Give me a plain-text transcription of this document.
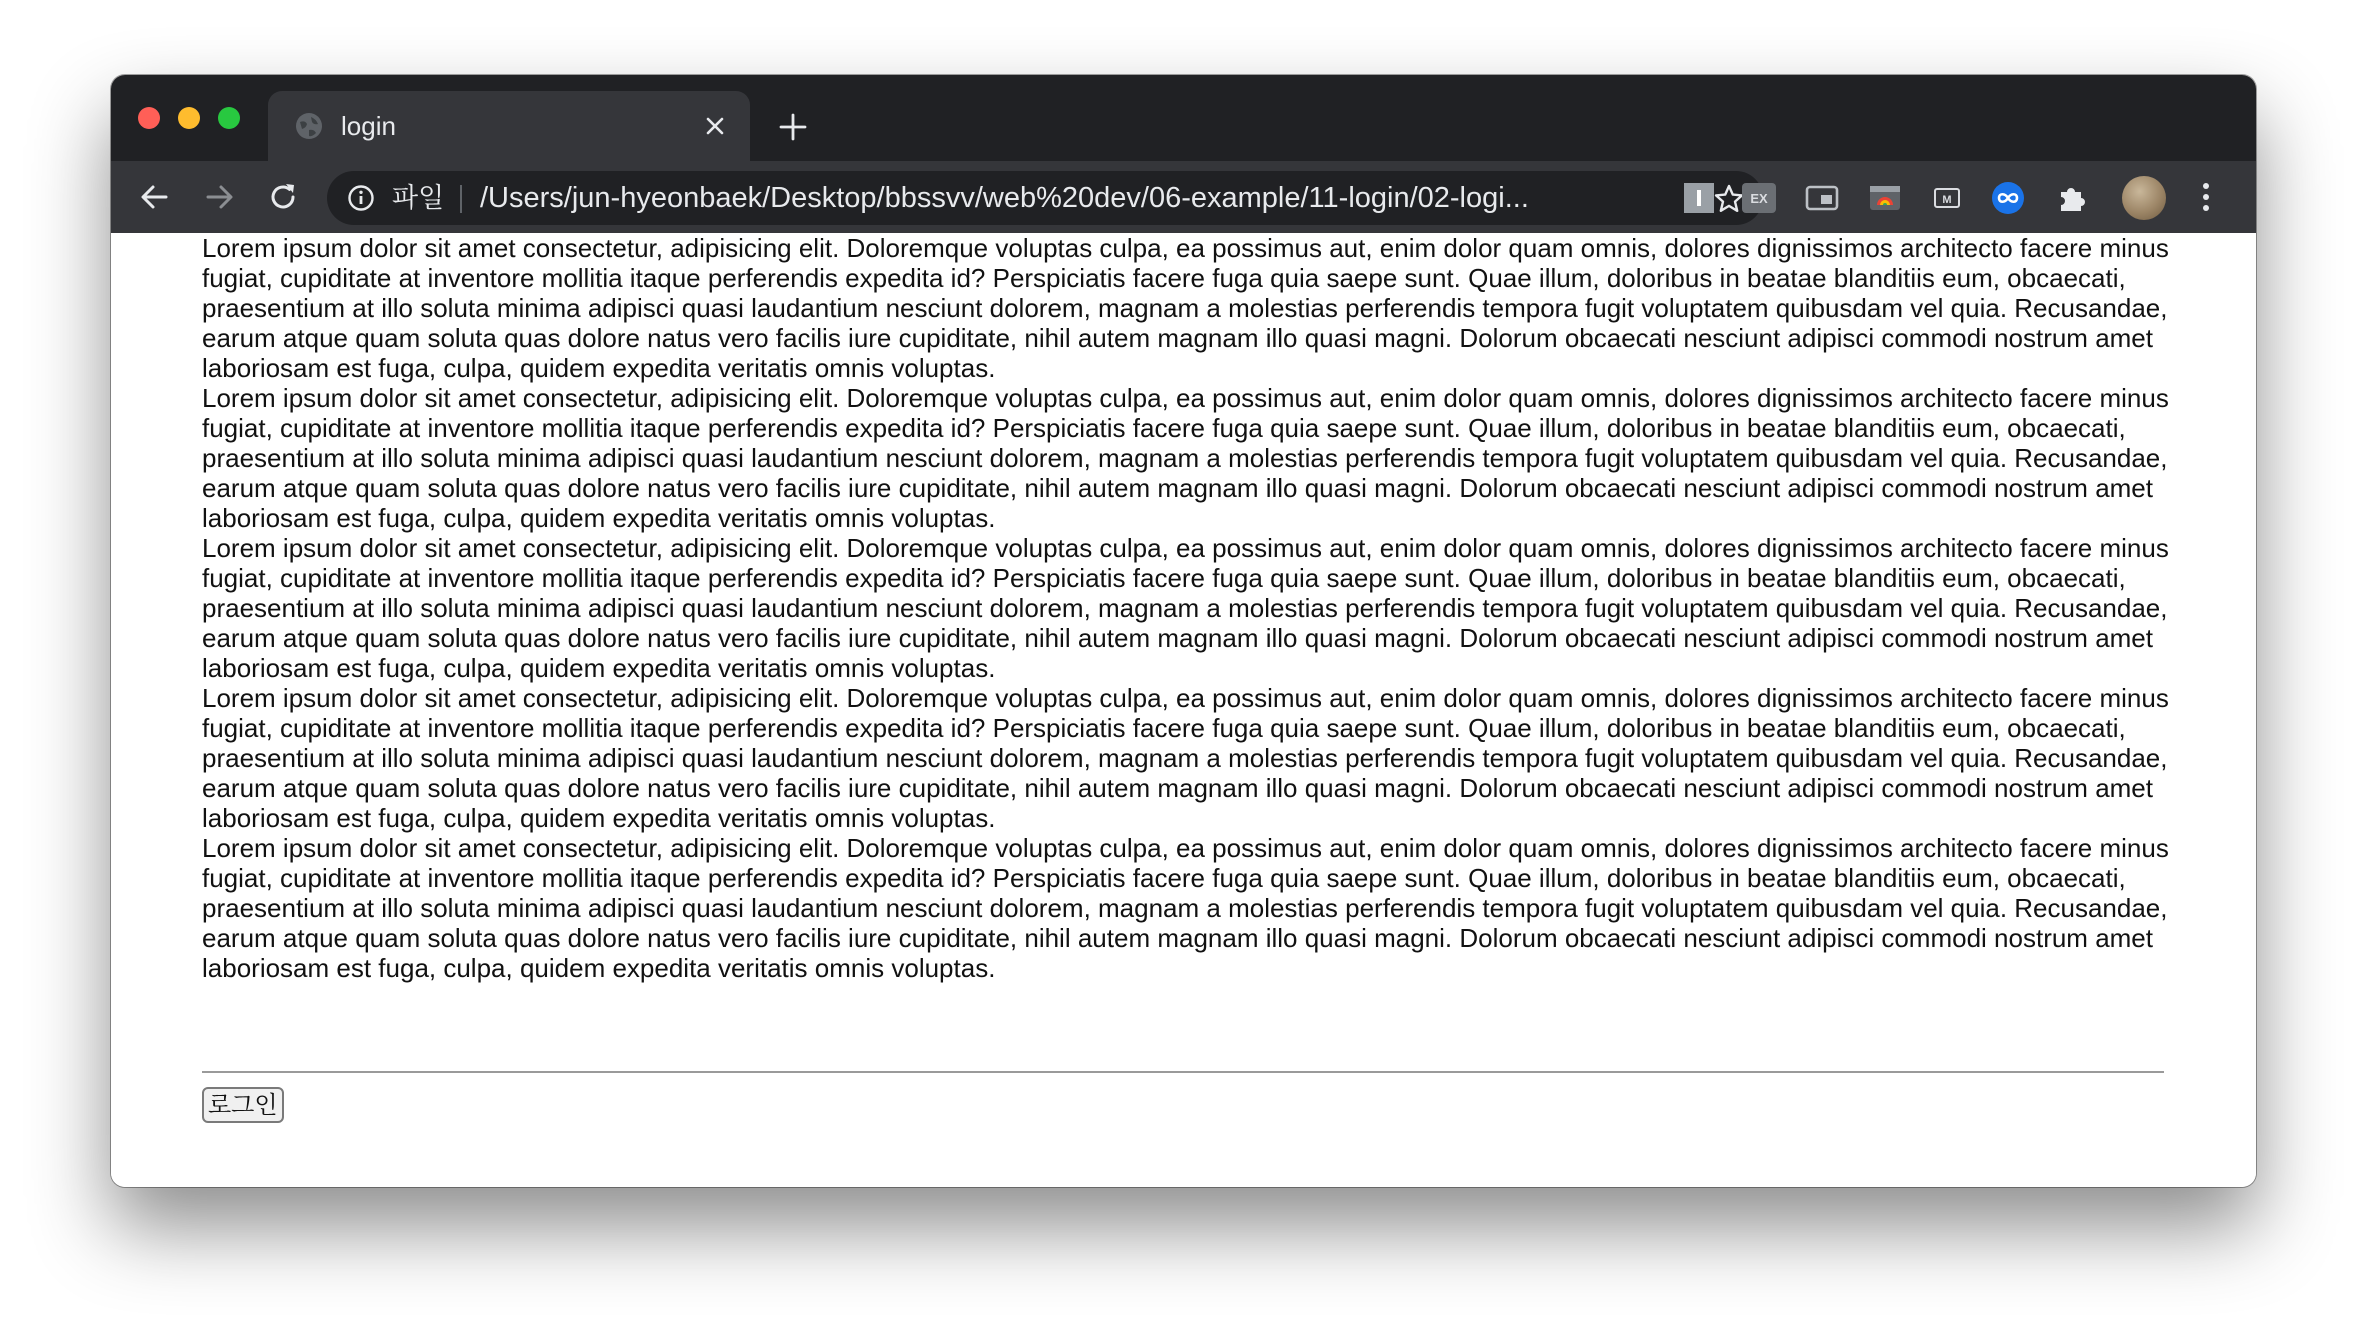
login
파일 /Users/jun-hyeonbaek/Desktop/bbssvv/web%20dev/06-example/11-login/02-logi...	EX	M

Lorem ipsum dolor sit amet consectetur, adipisicing elit. Doloremque voluptas culpa, ea possimus aut, enim dolor quam omnis, dolores dignissimos architecto facere minus fugiat, cupiditate at inventore mollitia itaque perferendis expedita id? Perspiciatis facere fuga quia saepe sunt. Quae illum, doloribus in beatae blanditiis eum, obcaecati, praesentium at illo soluta minima adipisci quasi laudantium nesciunt dolorem, magnam a molestias perferendis tempora fugit voluptatem quibusdam vel quia. Recusandae, earum atque quam soluta quas dolore natus vero facilis iure cupiditate, nihil autem magnam illo quasi magni. Dolorum obcaecati nesciunt adipisci commodi nostrum amet laboriosam est fuga, culpa, quidem expedita veritatis omnis voluptas.

Lorem ipsum dolor sit amet consectetur, adipisicing elit. Doloremque voluptas culpa, ea possimus aut, enim dolor quam omnis, dolores dignissimos architecto facere minus fugiat, cupiditate at inventore mollitia itaque perferendis expedita id? Perspiciatis facere fuga quia saepe sunt. Quae illum, doloribus in beatae blanditiis eum, obcaecati, praesentium at illo soluta minima adipisci quasi laudantium nesciunt dolorem, magnam a molestias perferendis tempora fugit voluptatem quibusdam vel quia. Recusandae, earum atque quam soluta quas dolore natus vero facilis iure cupiditate, nihil autem magnam illo quasi magni. Dolorum obcaecati nesciunt adipisci commodi nostrum amet laboriosam est fuga, culpa, quidem expedita veritatis omnis voluptas.

Lorem ipsum dolor sit amet consectetur, adipisicing elit. Doloremque voluptas culpa, ea possimus aut, enim dolor quam omnis, dolores dignissimos architecto facere minus fugiat, cupiditate at inventore mollitia itaque perferendis expedita id? Perspiciatis facere fuga quia saepe sunt. Quae illum, doloribus in beatae blanditiis eum, obcaecati, praesentium at illo soluta minima adipisci quasi laudantium nesciunt dolorem, magnam a molestias perferendis tempora fugit voluptatem quibusdam vel quia. Recusandae, earum atque quam soluta quas dolore natus vero facilis iure cupiditate, nihil autem magnam illo quasi magni. Dolorum obcaecati nesciunt adipisci commodi nostrum amet laboriosam est fuga, culpa, quidem expedita veritatis omnis voluptas.

Lorem ipsum dolor sit amet consectetur, adipisicing elit. Doloremque voluptas culpa, ea possimus aut, enim dolor quam omnis, dolores dignissimos architecto facere minus fugiat, cupiditate at inventore mollitia itaque perferendis expedita id? Perspiciatis facere fuga quia saepe sunt. Quae illum, doloribus in beatae blanditiis eum, obcaecati, praesentium at illo soluta minima adipisci quasi laudantium nesciunt dolorem, magnam a molestias perferendis tempora fugit voluptatem quibusdam vel quia. Recusandae, earum atque quam soluta quas dolore natus vero facilis iure cupiditate, nihil autem magnam illo quasi magni. Dolorum obcaecati nesciunt adipisci commodi nostrum amet laboriosam est fuga, culpa, quidem expedita veritatis omnis voluptas.

Lorem ipsum dolor sit amet consectetur, adipisicing elit. Doloremque voluptas culpa, ea possimus aut, enim dolor quam omnis, dolores dignissimos architecto facere minus fugiat, cupiditate at inventore mollitia itaque perferendis expedita id? Perspiciatis facere fuga quia saepe sunt. Quae illum, doloribus in beatae blanditiis eum, obcaecati, praesentium at illo soluta minima adipisci quasi laudantium nesciunt dolorem, magnam a molestias perferendis tempora fugit voluptatem quibusdam vel quia. Recusandae, earum atque quam soluta quas dolore natus vero facilis iure cupiditate, nihil autem magnam illo quasi magni. Dolorum obcaecati nesciunt adipisci commodi nostrum amet laboriosam est fuga, culpa, quidem expedita veritatis omnis voluptas.

로그인
